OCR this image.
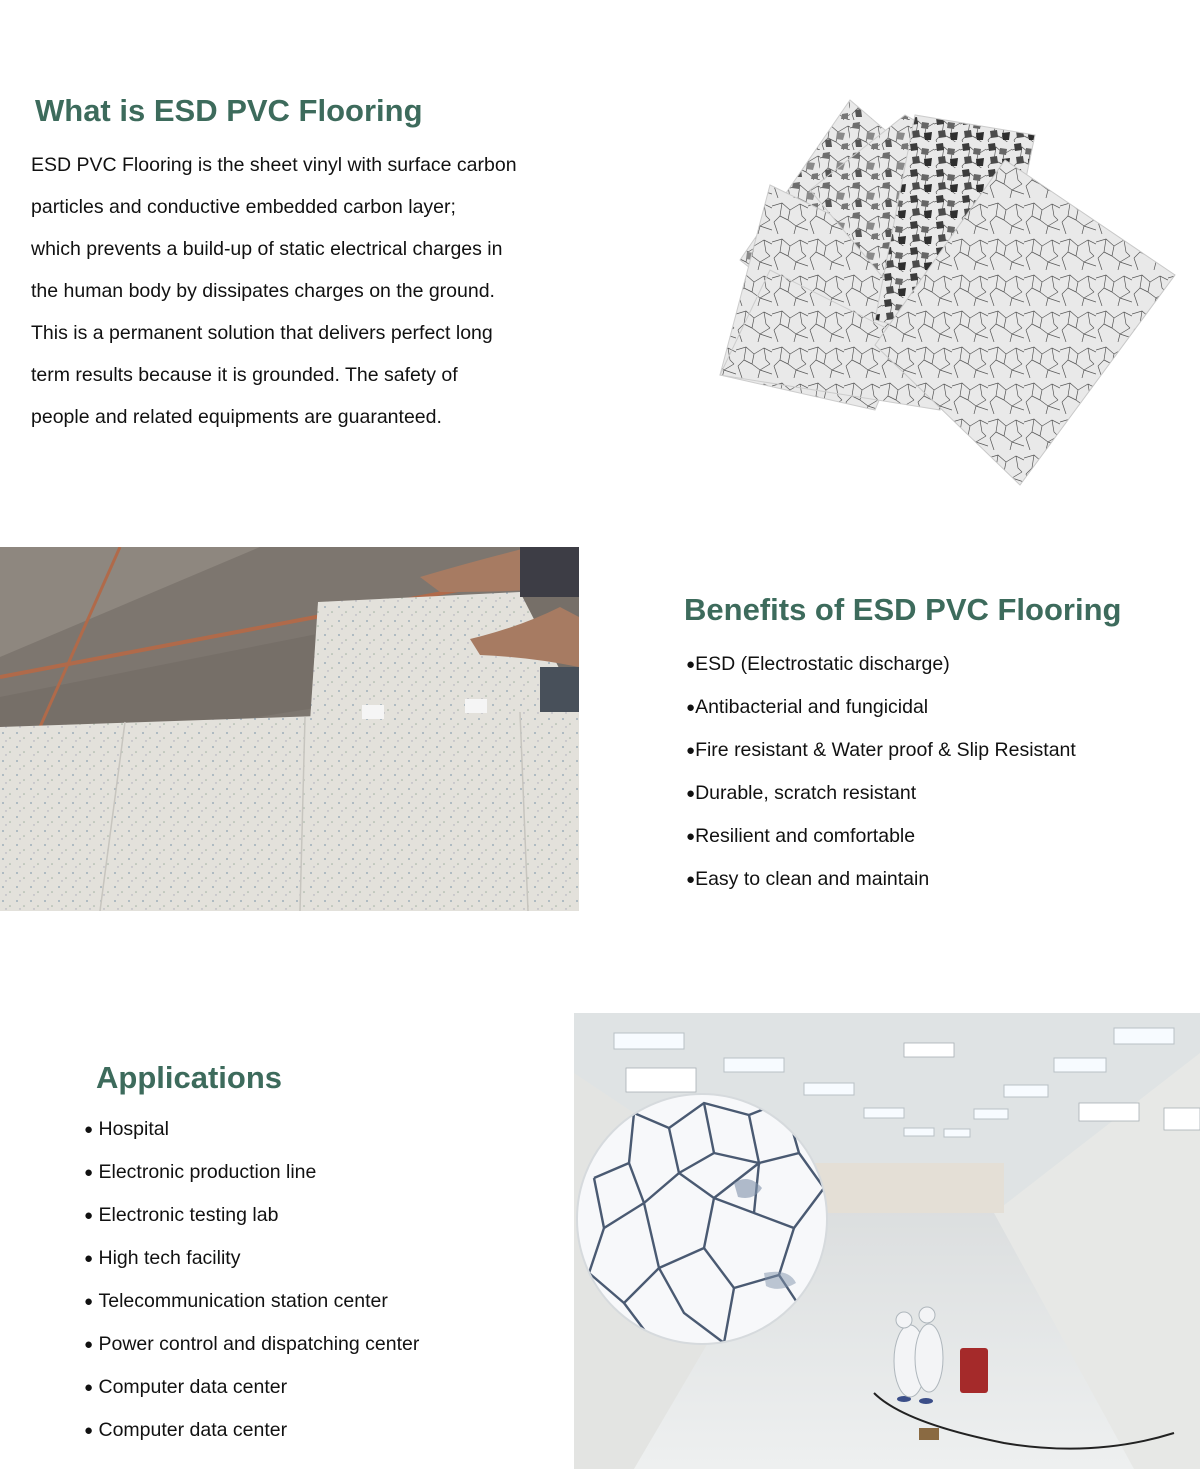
What is ESD PVC Flooring
ESD PVC Flooring is the sheet vinyl with surface carbon
particles and conductive embedded carbon layer;
which prevents a build-up of static electrical charges in
the human body by dissipates charges on the ground.
This is a permanent solution that delivers perfect long
term results because it is grounded. The safety of
people and related equipments are guaranteed.
Benefits of ESD PVC Flooring
●ESD (Electrostatic discharge)
●Antibacterial and fungicidal
●Fire resistant & Water proof & Slip Resistant
●Durable, scratch resistant
●Resilient and comfortable
●Easy to clean and maintain
Applications
● Hospital
● Electronic production line
● Electronic testing lab
● High tech facility
● Telecommunication station center
● Power control and dispatching center
● Computer data center
● Computer data center
